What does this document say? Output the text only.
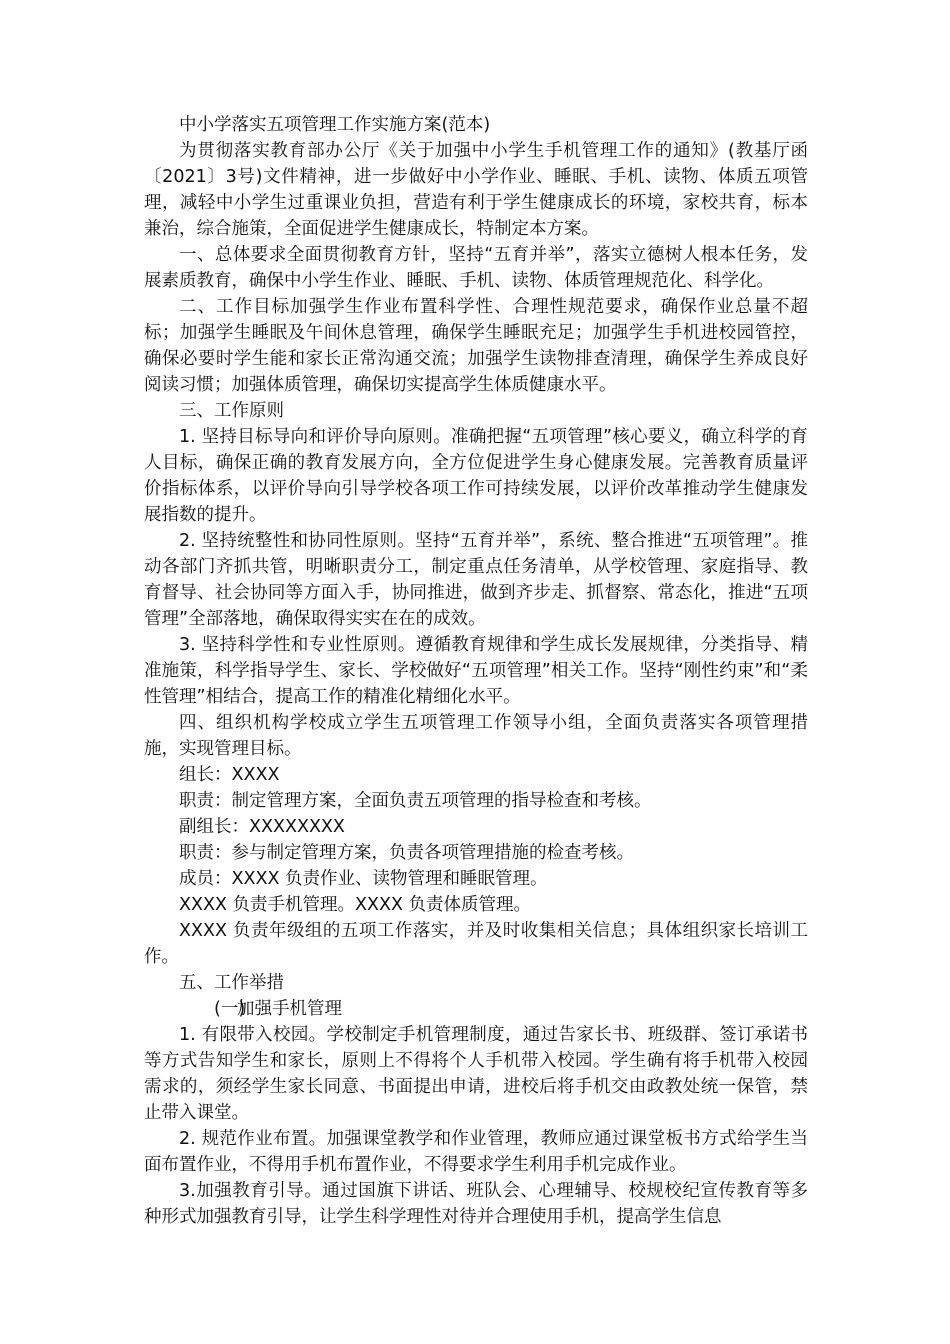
中小学落实五项管理工作实施方案(范本)

为贯彻落实教育部办公厅《关于加强中小学生手机管理工作的通知》(教基厅函〔2021〕3号)文件精神，进一步做好中小学作业、睡眠、手机、读物、体质五项管理，减轻中小学生过重课业负担，营造有利于学生健康成长的环境，家校共育，标本兼治，综合施策，全面促进学生健康成长，特制定本方案。

一、总体要求全面贯彻教育方针，坚持“五育并举”，落实立德树人根本任务，发展素质教育，确保中小学生作业、睡眠、手机、读物、体质管理规范化、科学化。

二、工作目标加强学生作业布置科学性、合理性规范要求，确保作业总量不超标；加强学生睡眠及午间休息管理，确保学生睡眠充足；加强学生手机进校园管控，确保必要时学生能和家长正常沟通交流；加强学生读物排查清理，确保学生养成良好阅读习惯；加强体质管理，确保切实提高学生体质健康水平。

三、工作原则

1. 坚持目标导向和评价导向原则。准确把握“五项管理”核心要义，确立科学的育人目标，确保正确的教育发展方向，全方位促进学生身心健康发展。完善教育质量评价指标体系，以评价导向引导学校各项工作可持续发展，以评价改革推动学生健康发展指数的提升。

2. 坚持统整性和协同性原则。坚持“五育并举”，系统、整合推进“五项管理”。推动各部门齐抓共管，明晰职责分工，制定重点任务清单，从学校管理、家庭指导、教育督导、社会协同等方面入手，协同推进，做到齐步走、抓督察、常态化，推进“五项管理”全部落地，确保取得实实在在的成效。

3. 坚持科学性和专业性原则。遵循教育规律和学生成长发展规律，分类指导、精准施策，科学指导学生、家长、学校做好“五项管理”相关工作。坚持“刚性约束”和“柔性管理”相结合，提高工作的精准化精细化水平。

四、组织机构学校成立学生五项管理工作领导小组，全面负责落实各项管理措施，实现管理目标。

组长：XXXX

职责：制定管理方案，全面负责五项管理的指导检查和考核。

副组长：XXXXXXXX

职责：参与制定管理方案，负责各项管理措施的检查考核。

成员：XXXX 负责作业、读物管理和睡眠管理。

XXXX 负责手机管理。XXXX 负责体质管理。

XXXX 负责年级组的五项工作落实，并及时收集相关信息；具体组织家长培训工作。

五、工作举措

(一)加强手机管理

1. 有限带入校园。学校制定手机管理制度，通过告家长书、班级群、签订承诺书等方式告知学生和家长，原则上不得将个人手机带入校园。学生确有将手机带入校园需求的，须经学生家长同意、书面提出申请，进校后将手机交由政教处统一保管，禁止带入课堂。

2. 规范作业布置。加强课堂教学和作业管理，教师应通过课堂板书方式给学生当面布置作业，不得用手机布置作业，不得要求学生利用手机完成作业。

3.加强教育引导。通过国旗下讲话、班队会、心理辅导、校规校纪宣传教育等多种形式加强教育引导，让学生科学理性对待并合理使用手机，提高学生信息
